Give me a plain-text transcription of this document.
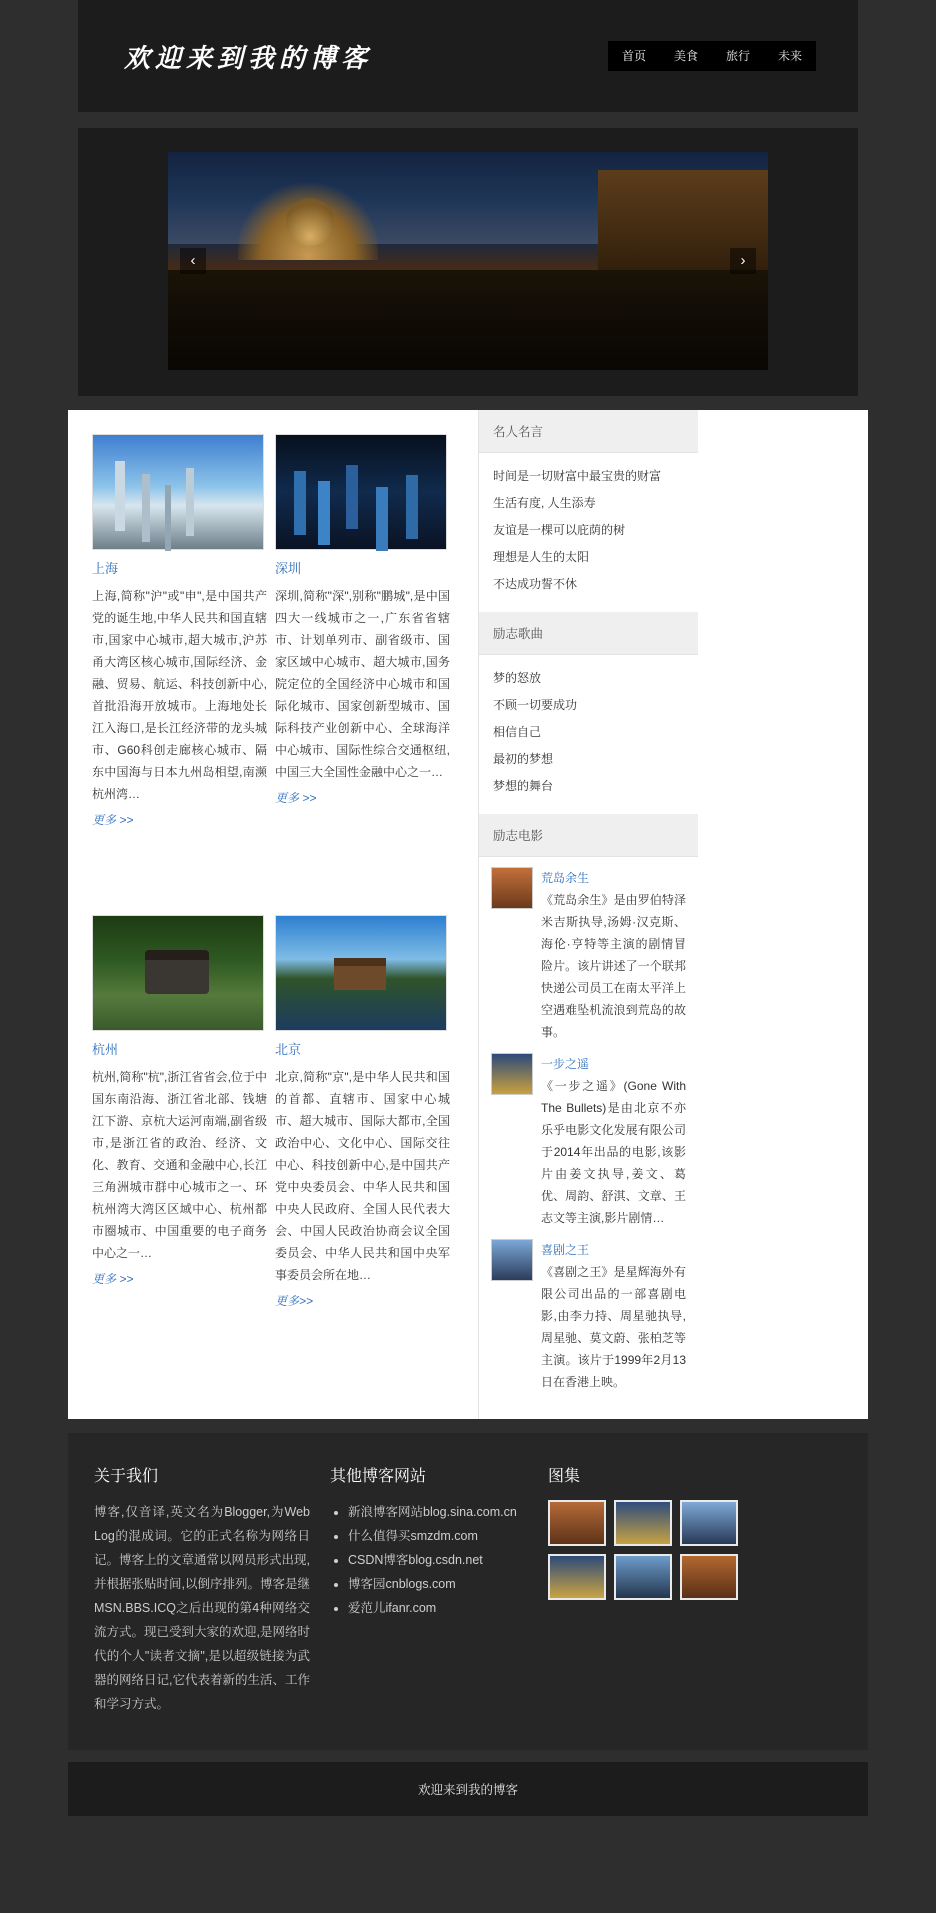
欢迎来到我的博客	首页	美食	旅行	未来
‹	›
上海
上海,简称"沪"或"申",是中国共产党的诞生地,中华人民共和国直辖市,国家中心城市,超大城市,沪苏甬大湾区核心城市,国际经济、金融、贸易、航运、科技创新中心,首批沿海开放城市。上海地处长江入海口,是长江经济带的龙头城市、G60科创走廊核心城市、隔东中国海与日本九州岛相望,南濒杭州湾…
更多 >>
深圳
深圳,简称"深",别称"鹏城",是中国四大一线城市之一,广东省省辖市、计划单列市、副省级市、国家区域中心城市、超大城市,国务院定位的全国经济中心城市和国际化城市、国家创新型城市、国际科技产业创新中心、全球海洋中心城市、国际性综合交通枢纽,中国三大全国性金融中心之一…
更多 >>
杭州
杭州,简称"杭",浙江省省会,位于中国东南沿海、浙江省北部、钱塘江下游、京杭大运河南端,副省级市,是浙江省的政治、经济、文化、教育、交通和金融中心,长江三角洲城市群中心城市之一、环杭州湾大湾区区域中心、杭州都市圈城市、中国重要的电子商务中心之一…
更多 >>
北京
北京,简称"京",是中华人民共和国的首都、直辖市、国家中心城市、超大城市、国际大都市,全国政治中心、文化中心、国际交往中心、科技创新中心,是中国共产党中央委员会、中华人民共和国中央人民政府、全国人民代表大会、中国人民政治协商会议全国委员会、中华人民共和国中央军事委员会所在地…
更多>>
名人名言
时间是一切财富中最宝贵的财富
生活有度, 人生添寿
友谊是一棵可以庇荫的树
理想是人生的太阳
不达成功誓不休
励志歌曲
梦的怒放
不顾一切要成功
相信自己
最初的梦想
梦想的舞台
励志电影
荒岛余生
《荒岛余生》是由罗伯特泽米吉斯执导,汤姆·汉克斯、海伦·亨特等主演的剧情冒险片。该片讲述了一个联邦快递公司员工在南太平洋上空遇难坠机流浪到荒岛的故事。
一步之遥
《一步之遥》(Gone With The Bullets)是由北京不亦乐乎电影文化发展有限公司于2014年出品的电影,该影片由姜文执导,姜文、葛优、周韵、舒淇、文章、王志文等主演,影片剧情…
喜剧之王
《喜剧之王》是星辉海外有限公司出品的一部喜剧电影,由李力持、周星驰执导,周星驰、莫文蔚、张柏芝等主演。该片于1999年2月13日在香港上映。
关于我们

博客,仅音译,英文名为Blogger,为Web Log的混成词。它的正式名称为网络日记。博客上的文章通常以网员形式出现,并根据张贴时间,以倒序排列。博客是继MSN.BBS.ICQ之后出现的第4种网络交流方式。现已受到大家的欢迎,是网络时代的个人"读者文摘",是以超级链接为武器的网络日记,它代表着新的生活、工作和学习方式。

其他博客网站
• 新浪博客网站blog.sina.com.cn
• 什么值得买smzdm.com
• CSDN博客blog.csdn.net
• 博客园cnblogs.com
• 爱范儿ifanr.com
图集
欢迎来到我的博客
